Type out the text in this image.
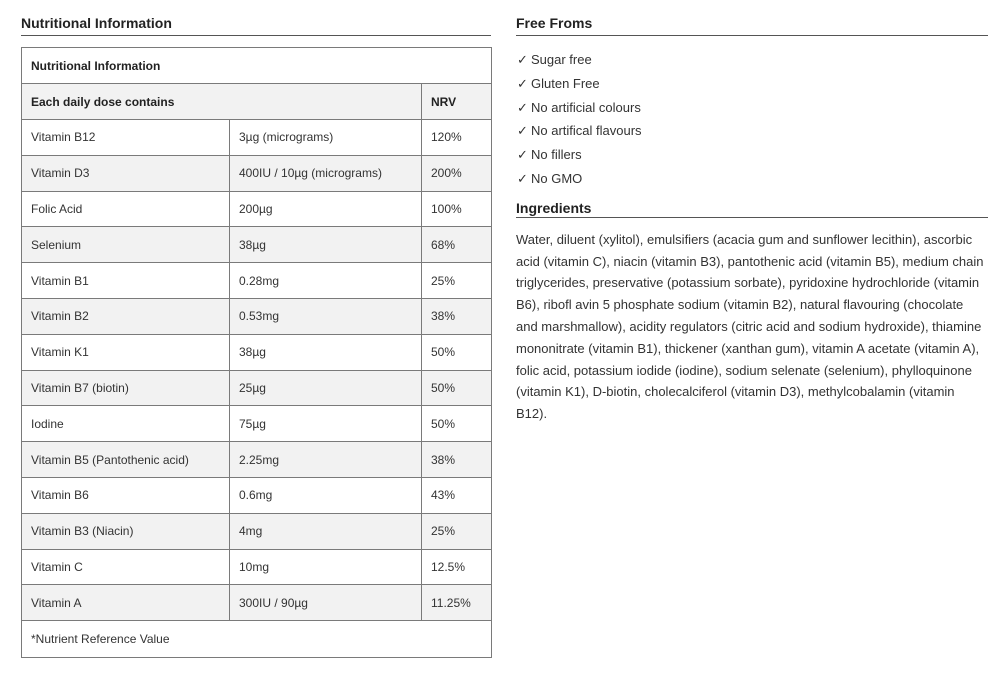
Nutritional Information
Nutritional Information		
Each daily dose contains		NRV
Vitamin B12	3µg (micrograms)	120%
Vitamin D3	400IU / 10µg (micrograms)	200%
Folic Acid	200µg	100%
Selenium	38µg	68%
Vitamin B1	0.28mg	25%
Vitamin B2	0.53mg	38%
Vitamin K1	38µg	50%
Vitamin B7 (biotin)	25µg	50%
Iodine	75µg	50%
Vitamin B5 (Pantothenic acid)	2.25mg	38%
Vitamin B6	0.6mg	43%
Vitamin B3 (Niacin)	4mg	25%
Vitamin C	10mg	12.5%
Vitamin A	300IU / 90µg	11.25%
*Nutrient Reference Value		
Free Froms
✓ Sugar free
✓ Gluten Free
✓ No artificial colours
✓ No artifical flavours
✓ No fillers
✓ No GMO
Ingredients

Water, diluent (xylitol), emulsifiers (acacia gum and sunflower lecithin), ascorbic acid (vitamin C), niacin (vitamin B3), pantothenic acid (vitamin B5), medium chain triglycerides, preservative (potassium sorbate), pyridoxine hydrochloride (vitamin B6), ribofl avin 5 phosphate sodium (vitamin B2), natural flavouring (chocolate and marshmallow), acidity regulators (citric acid and sodium hydroxide), thiamine mononitrate (vitamin B1), thickener (xanthan gum), vitamin A acetate (vitamin A), folic acid, potassium iodide (iodine), sodium selenate (selenium), phylloquinone (vitamin K1), D-biotin, cholecalciferol (vitamin D3), methylcobalamin (vitamin B12).
